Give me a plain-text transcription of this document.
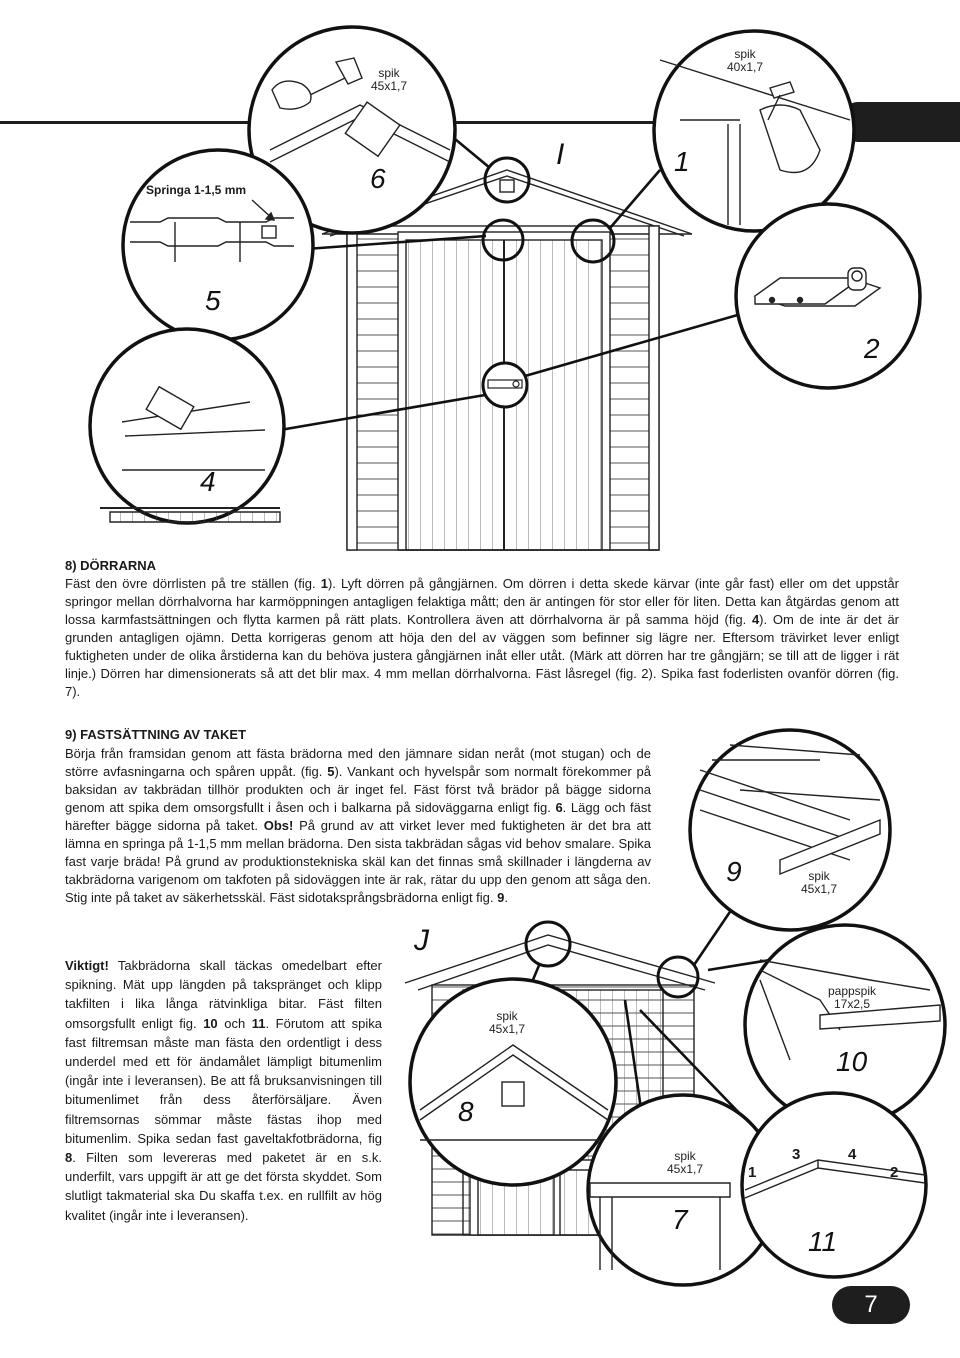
spik
45x1,7
spik
40x1,7
Springa 1-1,5 mm	6
I	1
5
2
4
9	spik
45x1,7
pappspik
17x2,5
10
J
spik
45x1,7
8
spik
45x1,7
7
1
3	4
2
11
8) DÖRRARNA
Fäst den övre dörrlisten på tre ställen (fig. 1). Lyft dörren på gångjärnen. Om dörren i detta skede kärvar (inte går fast) eller om det uppstår springor mellan dörrhalvorna har karmöppningen antagligen felaktiga mått; den är antingen för stor eller för liten. Detta kan åtgärdas genom att lossa karmfastsättningen och flytta karmen på rätt plats. Kontrollera även att dörrhalvorna är på samma höjd (fig. 4). Om de inte är det är grunden antagligen ojämn. Detta korrigeras genom att höja den del av väggen som befinner sig lägre ner. Eftersom trävirket lever enligt fuktigheten under de olika årstiderna kan du behöva justera gångjärnen inåt eller utåt. (Märk att dörren har tre gångjärn; se till att de ligger i rät linje.) Dörren har dimensionerats så att det blir max. 4 mm mellan dörrhalvorna. Fäst låsregel (fig. 2). Spika fast foderlisten ovanför dörren (fig. 7).
9) FASTSÄTTNING AV TAKET
Börja från framsidan genom att fästa brädorna med den jämnare sidan neråt (mot stugan) och de större avfasningarna och spåren uppåt. (fig. 5). Vankant och hyvelspår som normalt förekommer på baksidan av takbrädan tillhör produkten och är inget fel. Fäst först två brädor på bägge sidorna genom att spika dem omsorgsfullt i åsen och i balkarna på sidoväggarna enligt fig. 6. Lägg och fäst härefter bägge sidorna på taket. Obs! På grund av att virket lever med fuktigheten är det bra att lämna en springa på 1-1,5 mm mellan brädorna. Den sista takbrädan sågas vid behov smalare. Spika fast varje bräda! På grund av produktionstekniska skäl kan det finnas små skillnader i längderna av takbrädorna varigenom om takfoten på sidoväggen inte är rak, rätar du upp den genom att såga den. Stig inte på taket av säkerhetsskäl. Fäst sidotaksprångsbrädorna enligt fig. 9.
Viktigt! Takbrädorna skall täckas omedelbart efter spikning. Mät upp längden på takspränget och klipp takfilten i lika långa rätvinkliga bitar. Fäst filten omsorgsfullt enligt fig. 10 och 11. Förutom att spika fast filtremsan måste man fästa den ordentligt i dess underdel med ett för ändamålet lämpligt bitumenlim (ingår inte i leveransen). Be att få bruksanvisningen till bitumenlimet från dess återförsäljare. Även filtremsornas sömmar måste fästas ihop med bitumenlim. Spika sedan fast gaveltakfotbrädorna, fig 8. Filten som levereras med paketet är en s.k. underfilt, vars uppgift är att ge det första skyddet. Som slutligt takmaterial ska Du skaffa t.ex. en rullfilt av hög kvalitet (ingår inte i leveransen).
7
